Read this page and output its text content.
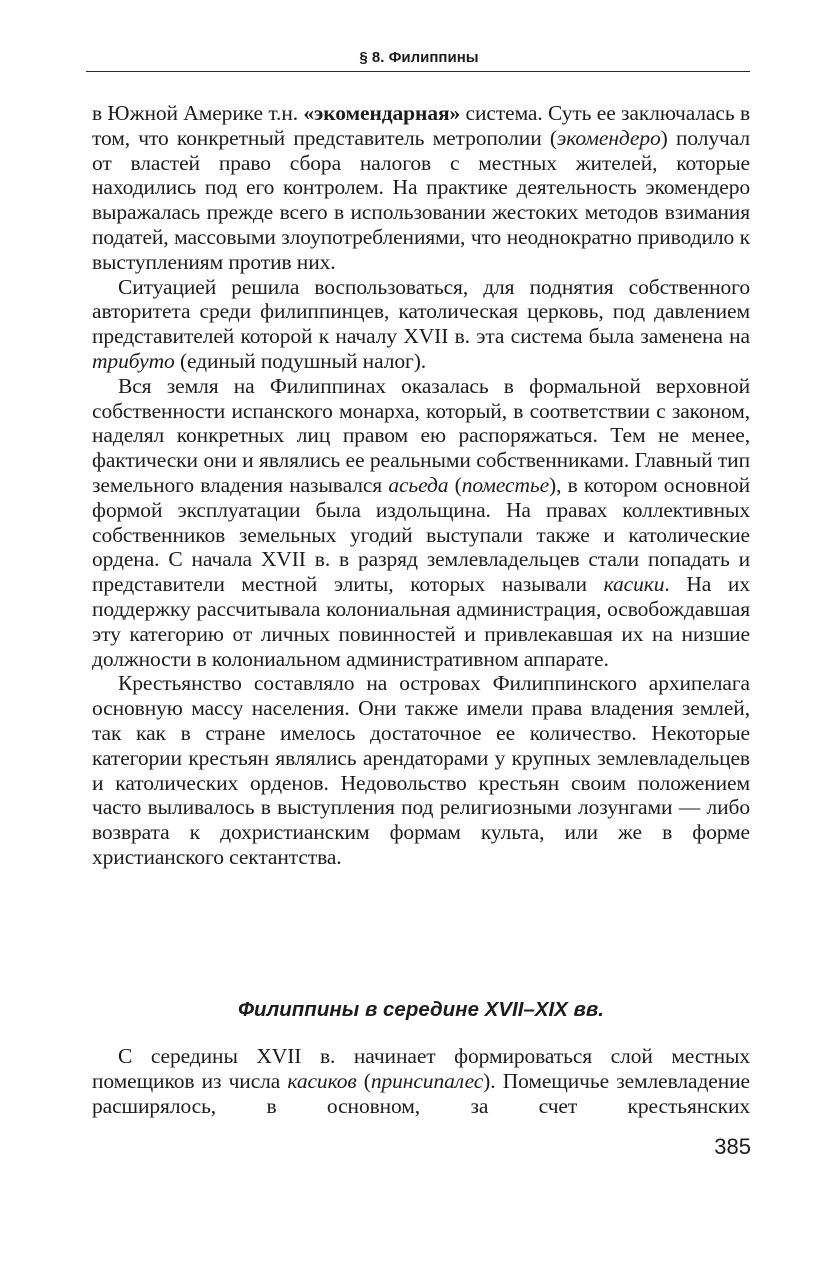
§ 8. Филиппины

в Южной Америке т.н. «экомендарная» система. Суть ее заключалась в том, что конкретный представитель метрополии (экомендеро) получал от властей право сбора налогов с местных жителей, которые находились под его контролем. На практике деятельность экомендеро выражалась прежде всего в использовании жестоких методов взимания податей, массовыми злоупотреблениями, что неоднократно приводило к выступлениям против них.

Ситуацией решила воспользоваться, для поднятия собственного авторитета среди филиппинцев, католическая церковь, под давлением представителей которой к началу XVII в. эта система была заменена на трибуто (единый подушный налог).

Вся земля на Филиппинах оказалась в формальной верховной собственности испанского монарха, который, в соответствии с законом, наделял конкретных лиц правом ею распоряжаться. Тем не менее, фактически они и являлись ее реальными собственниками. Главный тип земельного владения назывался асьеда (поместье), в котором основной формой эксплуатации была издольщина. На правах коллективных собственников земельных угодий выступали также и католические ордена. С начала XVII в. в разряд землевладельцев стали попадать и представители местной элиты, которых называли касики. На их поддержку рассчитывала колониальная администрация, освобождавшая эту категорию от личных повинностей и привлекавшая их на низшие должности в колониальном административном аппарате.

Крестьянство составляло на островах Филиппинского архипелага основную массу населения. Они также имели права владения землей, так как в стране имелось достаточное ее количество. Некоторые категории крестьян являлись арендаторами у крупных землевладельцев и католических орденов. Недовольство крестьян своим положением часто выливалось в выступления под религиозными лозунгами — либо возврата к дохристианским формам культа, или же в форме христианского сектантства.

Филиппины в середине XVII–XIX вв.

С середины XVII в. начинает формироваться слой местных помещиков из числа касиков (принсипалес). Помещичье землевладение расширялось, в основном, за счет крестьянских

385
